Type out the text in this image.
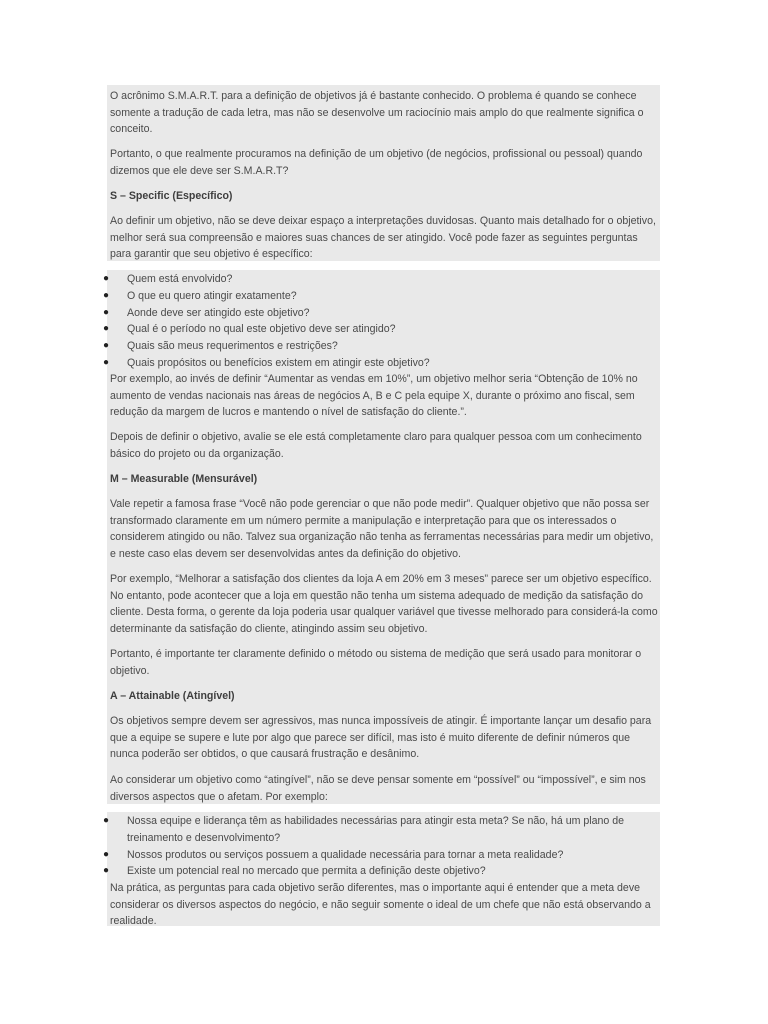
O acrônimo S.M.A.R.T. para a definição de objetivos já é bastante conhecido. O problema é quando se conhece somente a tradução de cada letra, mas não se desenvolve um raciocínio mais amplo do que realmente significa o conceito.

Portanto, o que realmente procuramos na definição de um objetivo (de negócios, profissional ou pessoal) quando dizemos que ele deve ser S.M.A.R.T?

S – Specific (Específico)

Ao definir um objetivo, não se deve deixar espaço a interpretações duvidosas. Quanto mais detalhado for o objetivo, melhor será sua compreensão e maiores suas chances de ser atingido. Você pode fazer as seguintes perguntas para garantir que seu objetivo é específico:

● Quem está envolvido?
● O que eu quero atingir exatamente?
● Aonde deve ser atingido este objetivo?
● Qual é o período no qual este objetivo deve ser atingido?
● Quais são meus requerimentos e restrições?
● Quais propósitos ou benefícios existem em atingir este objetivo?

Por exemplo, ao invés de definir “Aumentar as vendas em 10%”, um objetivo melhor seria “Obtenção de 10% no aumento de vendas nacionais nas áreas de negócios A, B e C pela equipe X, durante o próximo ano fiscal, sem redução da margem de lucros e mantendo o nível de satisfação do cliente.”.

Depois de definir o objetivo, avalie se ele está completamente claro para qualquer pessoa com um conhecimento básico do projeto ou da organização.

M – Measurable (Mensurável)

Vale repetir a famosa frase “Você não pode gerenciar o que não pode medir”. Qualquer objetivo que não possa ser transformado claramente em um número permite a manipulação e interpretação para que os interessados o considerem atingido ou não. Talvez sua organização não tenha as ferramentas necessárias para medir um objetivo, e neste caso elas devem ser desenvolvidas antes da definição do objetivo.

Por exemplo, “Melhorar a satisfação dos clientes da loja A em 20% em 3 meses” parece ser um objetivo específico. No entanto, pode acontecer que a loja em questão não tenha um sistema adequado de medição da satisfação do cliente. Desta forma, o gerente da loja poderia usar qualquer variável que tivesse melhorado para considerá-la como determinante da satisfação do cliente, atingindo assim seu objetivo.

Portanto, é importante ter claramente definido o método ou sistema de medição que será usado para monitorar o objetivo.

A – Attainable (Atingível)

Os objetivos sempre devem ser agressivos, mas nunca impossíveis de atingir. É importante lançar um desafio para que a equipe se supere e lute por algo que parece ser difícil, mas isto é muito diferente de definir números que nunca poderão ser obtidos, o que causará frustração e desânimo.

Ao considerar um objetivo como “atingível”, não se deve pensar somente em “possível” ou “impossível”, e sim nos diversos aspectos que o afetam. Por exemplo:

● Nossa equipe e liderança têm as habilidades necessárias para atingir esta meta? Se não, há um plano de treinamento e desenvolvimento?
● Nossos produtos ou serviços possuem a qualidade necessária para tornar a meta realidade?
● Existe um potencial real no mercado que permita a definição deste objetivo?

Na prática, as perguntas para cada objetivo serão diferentes, mas o importante aqui é entender que a meta deve considerar os diversos aspectos do negócio, e não seguir somente o ideal de um chefe que não está observando a realidade.
